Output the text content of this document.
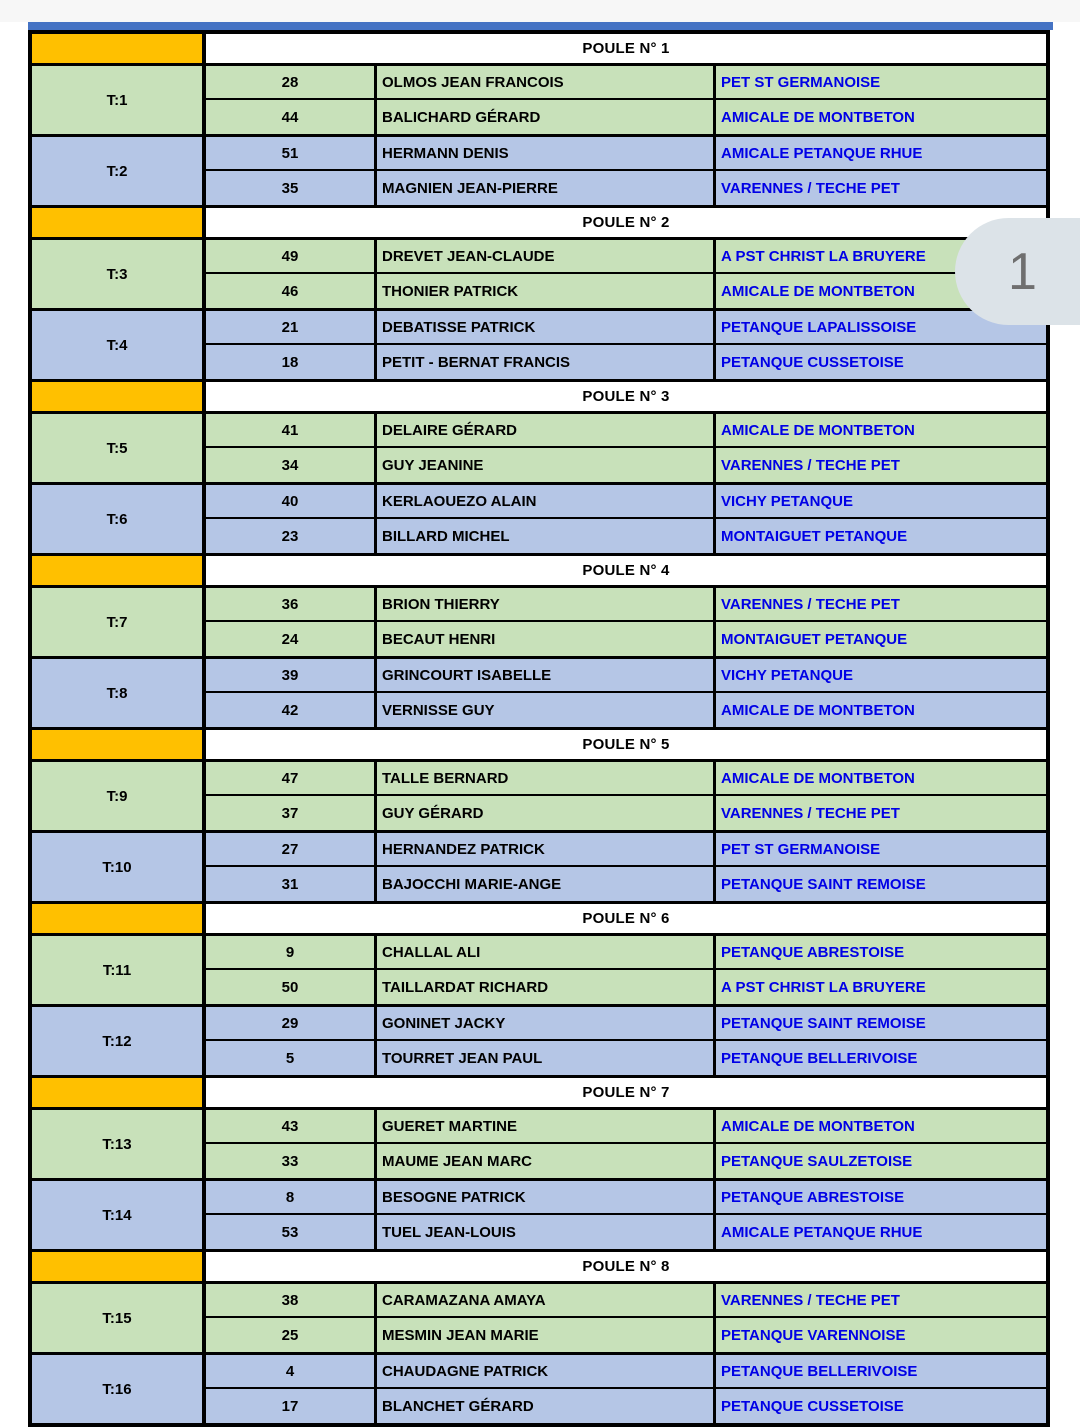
POULE N° 1
T:1
28	OLMOS JEAN FRANCOIS	PET ST GERMANOISE
44	BALICHARD GÉRARD	AMICALE DE MONTBETON
T:2
51	HERMANN DENIS	AMICALE PETANQUE RHUE
35	MAGNIEN JEAN-PIERRE	VARENNES / TECHE PET
POULE N° 2
T:3
49	DREVET JEAN-CLAUDE	A PST CHRIST LA BRUYERE
46	THONIER PATRICK	AMICALE DE MONTBETON
T:4
21	DEBATISSE PATRICK	PETANQUE LAPALISSOISE
18	PETIT - BERNAT FRANCIS	PETANQUE CUSSETOISE
POULE N° 3
T:5
41	DELAIRE GÉRARD	AMICALE DE MONTBETON
34	GUY JEANINE	VARENNES / TECHE PET
T:6
40	KERLAOUEZO ALAIN	VICHY PETANQUE
23	BILLARD MICHEL	MONTAIGUET PETANQUE
POULE N° 4
T:7
36	BRION THIERRY	VARENNES / TECHE PET
24	BECAUT HENRI	MONTAIGUET PETANQUE
T:8
39	GRINCOURT ISABELLE	VICHY PETANQUE
42	VERNISSE GUY	AMICALE DE MONTBETON
POULE N° 5
T:9
47	TALLE BERNARD	AMICALE DE MONTBETON
37	GUY GÉRARD	VARENNES / TECHE PET
T:10
27	HERNANDEZ PATRICK	PET ST GERMANOISE
31	BAJOCCHI MARIE-ANGE	PETANQUE SAINT REMOISE
POULE N° 6
T:11
9	CHALLAL ALI	PETANQUE ABRESTOISE
50	TAILLARDAT RICHARD	A PST CHRIST LA BRUYERE
T:12
29	GONINET JACKY	PETANQUE SAINT REMOISE
5	TOURRET JEAN PAUL	PETANQUE BELLERIVOISE
POULE N° 7
T:13
43	GUERET MARTINE	AMICALE DE MONTBETON
33	MAUME JEAN MARC	PETANQUE SAULZETOISE
T:14
8	BESOGNE PATRICK	PETANQUE ABRESTOISE
53	TUEL JEAN-LOUIS	AMICALE PETANQUE RHUE
POULE N° 8
T:15
38	CARAMAZANA AMAYA	VARENNES / TECHE PET
25	MESMIN JEAN MARIE	PETANQUE VARENNOISE
T:16
4	CHAUDAGNE PATRICK	PETANQUE BELLERIVOISE
17	BLANCHET GÉRARD	PETANQUE CUSSETOISE
1
